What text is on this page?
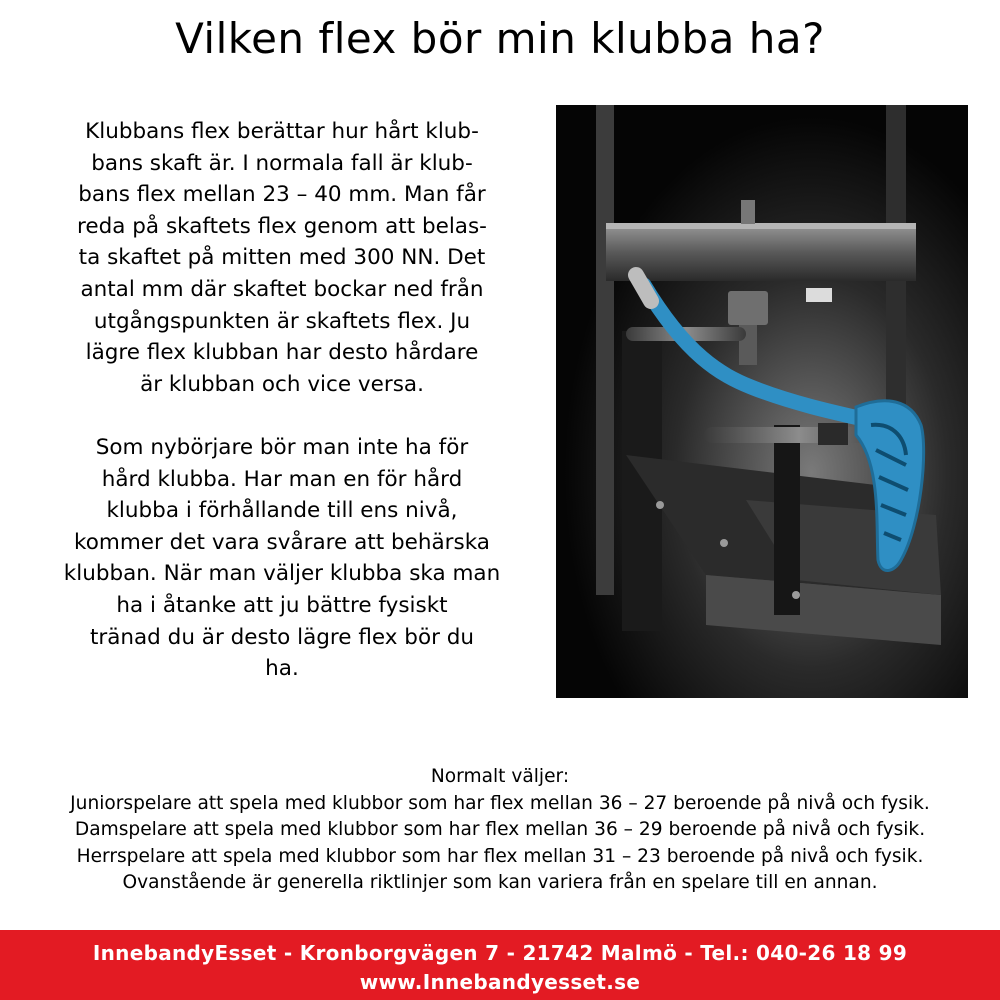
Vilken flex bör min klubba ha?

Klubbans flex berättar hur hårt klub-
bans skaft är. I normala fall är klub-
bans flex mellan 23 – 40 mm. Man får
reda på skaftets flex genom att belas-
ta skaftet på mitten med 300 NN. Det
antal mm där skaftet bockar ned från
utgångspunkten är skaftets flex. Ju
lägre flex klubban har desto hårdare
är klubban och vice versa.

Som nybörjare bör man inte ha för
hård klubba. Har man en för hård
klubba i förhållande till ens nivå,
kommer det vara svårare att behärska
klubban. När man väljer klubba ska man
ha i åtanke att ju bättre fysiskt
tränad du är desto lägre flex bör du
ha.

Normalt väljer:
Juniorspelare att spela med klubbor som har flex mellan 36 – 27 beroende på nivå och fysik.
Damspelare att spela med klubbor som har flex mellan 36 – 29 beroende på nivå och fysik.
Herrspelare att spela med klubbor som har flex mellan 31 – 23 beroende på nivå och fysik.
Ovanstående är generella riktlinjer som kan variera från en spelare till en annan.
InnebandyEsset - Kronborgvägen 7 - 21742 Malmö - Tel.: 040-26 18 99
www.Innebandyesset.se
